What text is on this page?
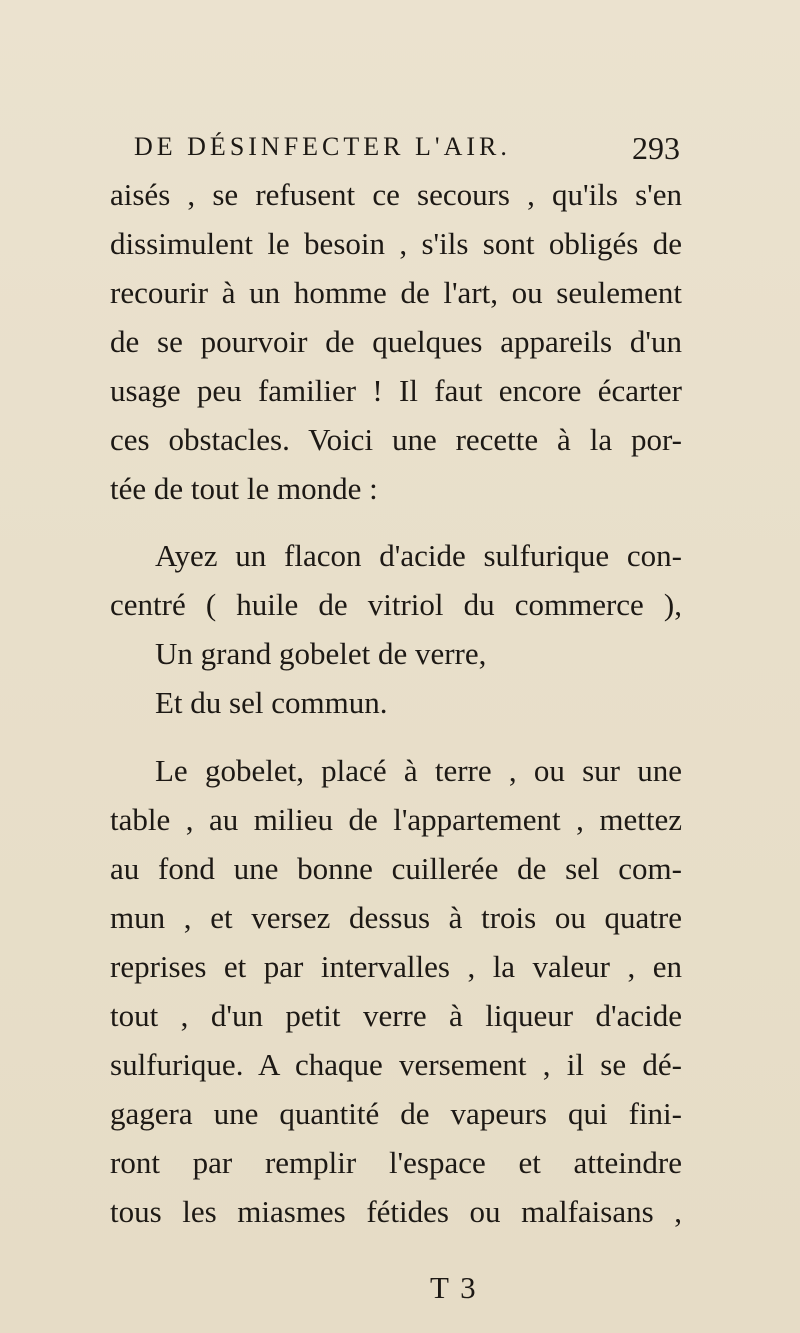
DE DÉSINFECTER L'AIR.	293
aisés , se refusent ce secours , qu'ils s'en
dissimulent le besoin , s'ils sont obligés de
recourir à un homme de l'art, ou seulement
de se pourvoir de quelques appareils d'un
usage peu familier ! Il faut encore écarter
ces obstacles. Voici une recette à la por-
tée de tout le monde :
Ayez un flacon d'acide sulfurique con-
centré ( huile de vitriol du commerce ),
Un grand gobelet de verre,
Et du sel commun.
Le gobelet, placé à terre , ou sur une
table , au milieu de l'appartement , mettez
au fond une bonne cuillerée de sel com-
mun , et versez dessus à trois ou quatre
reprises et par intervalles , la valeur , en
tout , d'un petit verre à liqueur d'acide
sulfurique. A chaque versement , il se dé-
gagera une quantité de vapeurs qui fini-
ront par remplir l'espace et atteindre
tous les miasmes fétides ou malfaisans ,
T 3
